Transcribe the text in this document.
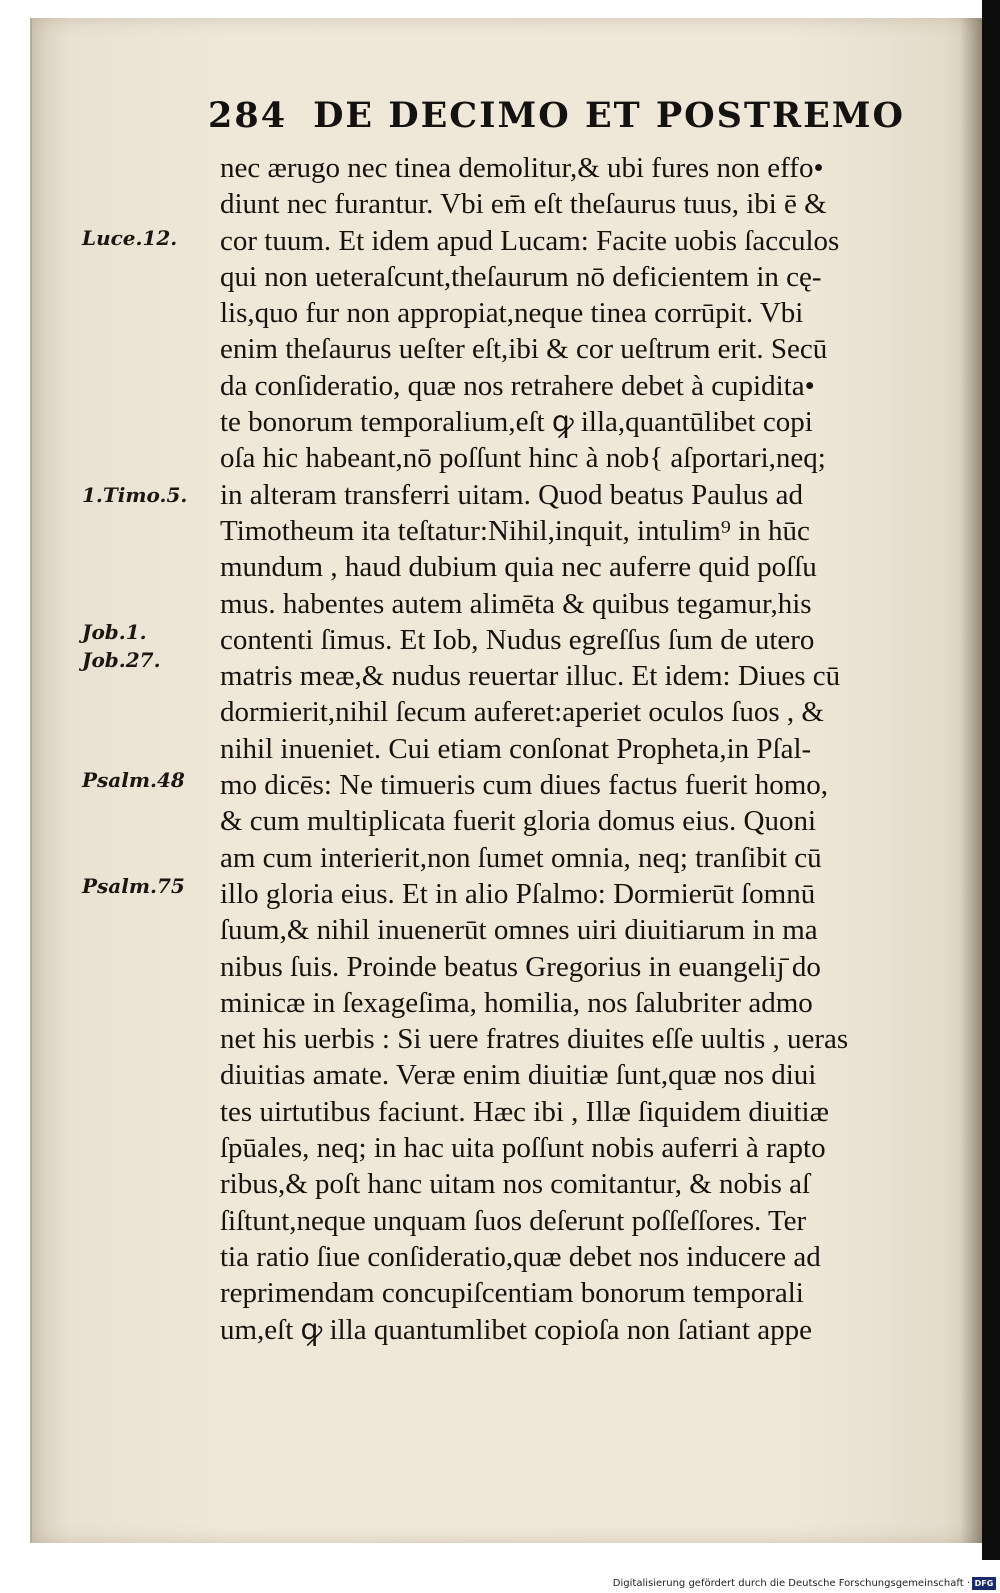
284 DE DECIMO ET POSTREMO
Luce.12.
1.Timo.5.
Job.1.
Job.27.
Psalm.48
Psalm.75
nec ærugo nec tinea demolitur,& ubi fures non effo•
diunt nec furantur. Vbi em̄ eſt theſaurus tuus, ibi ē &
cor tuum. Et idem apud Lucam: Facite uobis ſacculos
qui non ueteraſcunt,theſaurum nō deficientem in cę-
lis,quo fur non appropiat,neque tinea corrūpit. Vbi
enim theſaurus ueſter eſt,ibi & cor ueſtrum erit. Secū
da conſideratio, quæ nos retrahere debet à cupidita•
te bonorum temporalium,eſt ꝙ illa,quantūlibet copi
oſa hic habeant,nō poſſunt hinc à nob{ aſportari,neq;
in alteram transferri uitam. Quod beatus Paulus ad
Timotheum ita teſtatur:Nihil,inquit, intulim⁹ in hūc
mundum , haud dubium quia nec auferre quid poſſu
mus. habentes autem alimēta & quibus tegamur,his
contenti ſimus. Et Iob, Nudus egreſſus ſum de utero
matris meæ,& nudus reuertar illuc. Et idem: Diues cū
dormierit,nihil ſecum auferet:aperiet oculos ſuos , &
nihil inueniet. Cui etiam conſonat Propheta,in Pſal-
mo dicēs: Ne timueris cum diues factus fuerit homo,
& cum multiplicata fuerit gloria domus eius. Quoni
am cum interierit,non ſumet omnia, neq; tranſibit cū
illo gloria eius. Et in alio Pſalmo: Dormierūt ſomnū
ſuum,& nihil inuenerūt omnes uiri diuitiarum in ma
nibus ſuis. Proinde beatus Gregorius in euangeliȷ̄ do
minicæ in ſexageſima, homilia, nos ſalubriter admo
net his uerbis : Si uere fratres diuites eſſe uultis , ueras
diuitias amate. Veræ enim diuitiæ ſunt,quæ nos diui
tes uirtutibus faciunt. Hæc ibi , Illæ ſiquidem diuitiæ
ſpūales, neq; in hac uita poſſunt nobis auferri à rapto
ribus,& poſt hanc uitam nos comitantur, & nobis aſ
ſiſtunt,neque unquam ſuos deſerunt poſſeſſores. Ter
tia ratio ſiue conſideratio,quæ debet nos inducere ad
reprimendam concupiſcentiam bonorum temporali
um,eſt ꝙ illa quantumlibet copioſa non ſatiant appe
Digitalisierung gefördert durch die Deutsche Forschungsgemeinschaft · DFG
